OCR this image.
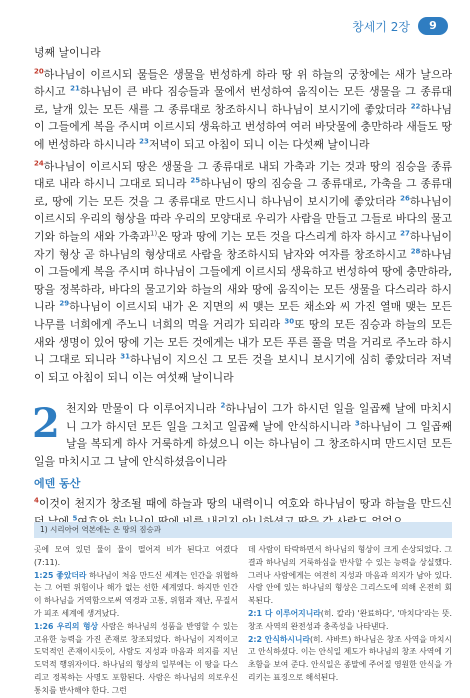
창세기 2장	9

녕째 날이니라

$^{20}$하나님이 이르시되 물들은 생물을 번성하게 하라 땅 위 하늘의 궁창에는 새가 날으라 하시고 $^{21}$하나님이 큰 바다 짐승들과 물에서 번성하여 움직이는 모든 생물을 그 종류대로, 날개 있는 모든 새를 그 종류대로 창조하시니 하나님이 보시기에 좋았더라 $^{22}$하나님이 그들에게 복을 주시며 이르시되 생육하고 번성하여 여러 바닷물에 충만하라 새들도 땅에 번성하라 하시니라 $^{23}$저녁이 되고 아침이 되니 이는 다섯째 날이니라

$^{24}$하나님이 이르시되 땅은 생물을 그 종류대로 내되 가축과 기는 것과 땅의 짐승을 종류대로 내라 하시니 그대로 되니라 $^{25}$하나님이 땅의 짐승을 그 종류대로, 가축을 그 종류대로, 땅에 기는 모든 것을 그 종류대로 만드시니 하나님이 보시기에 좋았더라 $^{26}$하나님이 이르시되 우리의 형상을 따라 우리의 모양대로 우리가 사람을 만들고 그들로 바다의 물고기와 하늘의 새와 가축과$^{1)}$온 땅과 땅에 기는 모든 것을 다스리게 하자 하시고 $^{27}$하나님이 자기 형상 곧 하나님의 형상대로 사람을 창조하시되 남자와 여자를 창조하시고 $^{28}$하나님이 그들에게 복을 주시며 하나님이 그들에게 이르시되 생육하고 번성하여 땅에 충만하라, 땅을 정복하라, 바다의 물고기와 하늘의 새와 땅에 움직이는 모든 생물을 다스리라 하시니라 $^{29}$하나님이 이르시되 내가 온 지면의 씨 맺는 모든 채소와 씨 가진 열매 맺는 모든 나무를 너희에게 주노니 너희의 먹을 거리가 되리라 $^{30}$또 땅의 모든 짐승과 하늘의 모든 새와 생명이 있어 땅에 기는 모든 것에게는 내가 모든 푸른 풀을 먹을 거리로 주노라 하시니 그대로 되니라 $^{31}$하나님이 지으신 그 모든 것을 보시니 보시기에 심히 좋았더라 저녁이 되고 아침이 되니 이는 여섯째 날이니라

2 천지와 만물이 다 이루어지니라 $^2$하나님이 그가 하시던 일을 일곱째 날에 마치시니 그가 하시던 모든 일을 그치고 일곱째 날에 안식하시니라 $^3$하나님이 그 일곱째 날을 복되게 하사 거룩하게 하셨으니 이는 하나님이 그 창조하시며 만드시던 모든 일을 마치시고 그 날에 안식하셨음이니라

에덴 동산

$^4$이것이 천지가 창조될 때에 하늘과 땅의 내력이니 여호와 하나님이 땅과 하늘을 만드신 $^5$

1) 시리아어 역본에는 온 땅의 짐승과

곳에 모여 있던 물이 물이 떨어져 비가 된다고 여겼다(7:11).

1:25 좋았더라 하나님이 처음 만드신 세계는 인간을 위협하는 그 어떤 위험이나 해가 없는 선한 세계였다. 하지만 인간이 하나님을 거역함으로써 역경과 고통, 위험과 재난, 무질서가 피조 세계에 생겨났다.

1:26 우리의 형상 사람은 하나님의 성품을 반영할 수 있는 고유한 능력을 가진 존재로 창조되었다. 하나님이 지적이고 도덕적인 존재이시듯이, 사람도 지성과 마음과 의지를 지닌 도덕적 행위자이다. 하나님의 형상의 일부에는 이 땅을 다스리고 정복하는 사명도 포함된다. 사람은 하나님의 의로우신 통치를 반사해야 한다. 그런

데 사람이 타락하면서 하나님의 형상이 크게 손상되었다. 그 결과 하나님의 거룩하심을 반사할 수 있는 능력을 상실했다. 그러나 사람에게는 여전히 지성과 마음과 의지가 남아 있다. 사람 안에 있는 하나님의 형상은 그리스도에 의해 온전히 회복된다.

2:1 다 이루어지니라(히. 칼라) '완료하다', '마치다'라는 뜻. 창조 사역의 완전성과 충족성을 나타낸다.

2:2 안식하시니라(히. 샤바트) 하나님은 창조 사역을 마치시고 안식하셨다. 이는 안식일 제도가 하나님의 창조 사역에 기초함을 보여 준다. 안식일은 종말에 주어질 영원한 안식을 가리키는 표징으로 해석된다.
